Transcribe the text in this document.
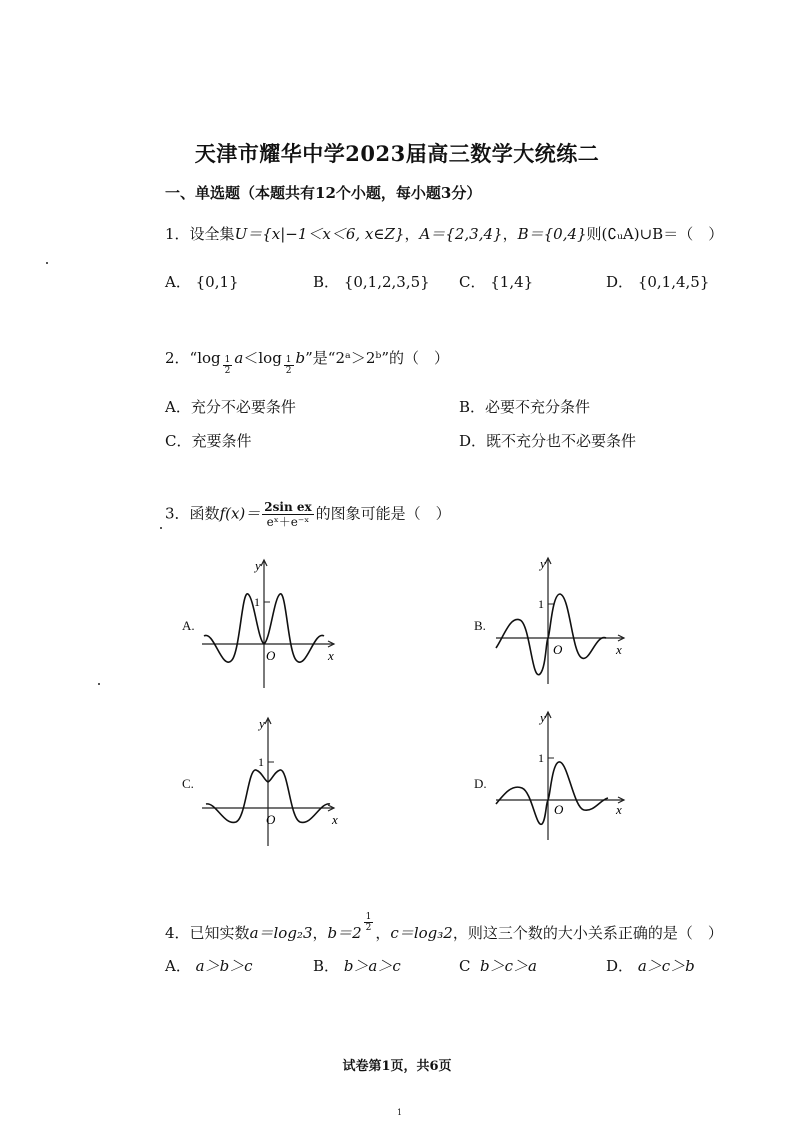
天津市耀华中学2023届高三数学大统练二
一、单选题（本题共有12个小题，每小题3分）
1．设全集U＝{x|−1＜x＜6, x∈Z}，A＝{2,3,4}，B＝{0,4}则(∁ᵤA)∪B＝（　）
A． {0,1}	B． {0,1,2,3,5} C． {1,4}	D． {0,1,4,5}
2．“$\log \frac{1}{2} a<\log \frac{1}{2} b$”是“2ᵃ＞2ᵇ”的（　）
A．充分不必要条件	B．必要不充分条件
C．充要条件	D．既不充分也不必要条件
3．函数$f(x)= \frac{\text{2sin ex}}{\text{eˣ＋e⁻ˣ}}$ 的图象可能是（　）
A.
y
x
O
1
B.
y
x
O
1
C.
y
x
O
1
D.
y
x
O
1
4．已知实数a＝log₂3，$b=2 \frac{1}{2}$ ，c＝log₃2，则这三个数的大小关系正确的是（　）
A． a＞b＞c	B． b＞a＞c	C b＞c＞a	D． a＞c＞b
试卷第1页，共6页
1
